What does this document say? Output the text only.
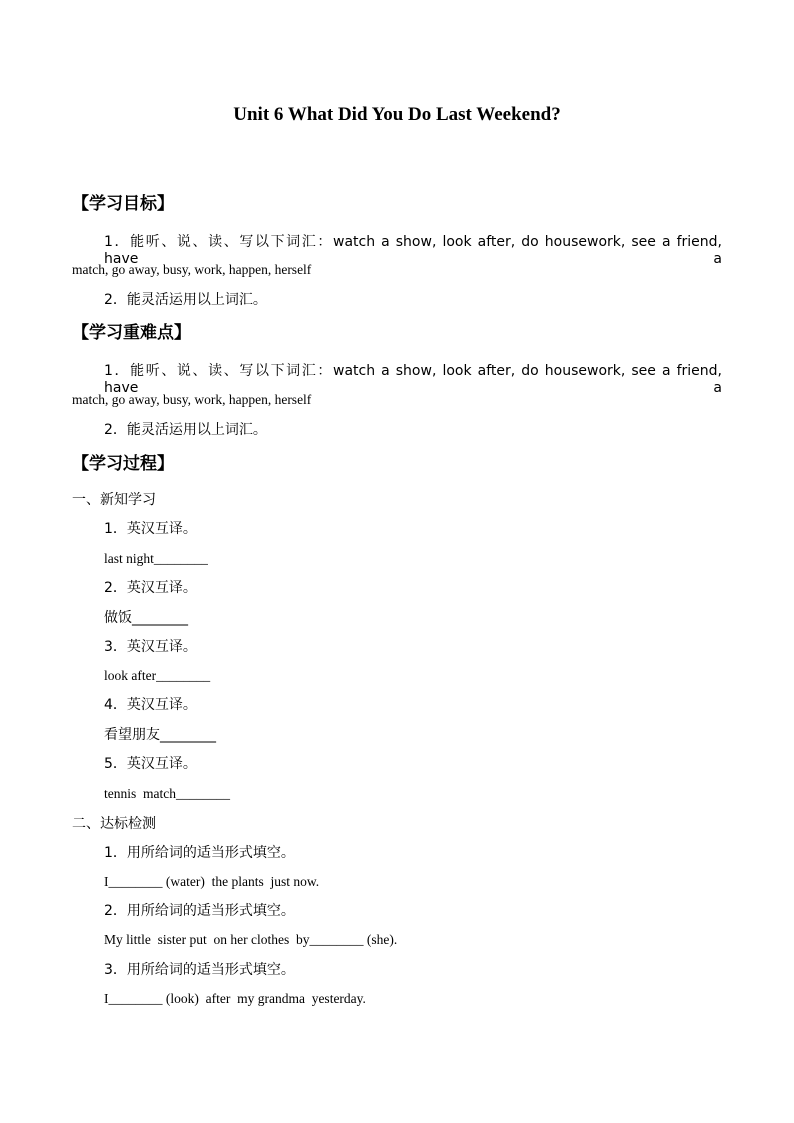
Unit 6 What Did You Do Last Weekend?
【学习目标】
1．能听、说、读、写以下词汇：watch a show, look after, do housework, see a friend, have a
match, go away, busy, work, happen, herself
2．能灵活运用以上词汇。
【学习重难点】
1．能听、说、读、写以下词汇：watch a show, look after, do housework, see a friend, have a
match, go away, busy, work, happen, herself
2．能灵活运用以上词汇。
【学习过程】
一、新知学习
1．英汉互译。
last night________
2．英汉互译。
做饭________
3．英汉互译。
look after________
4．英汉互译。
看望朋友________
5．英汉互译。
tennis  match________
二、达标检测
1．用所给词的适当形式填空。
I________ (water)  the plants  just now.
2．用所给词的适当形式填空。
My little  sister put  on her clothes  by________ (she).
3．用所给词的适当形式填空。
I________ (look)  after  my grandma  yesterday.
